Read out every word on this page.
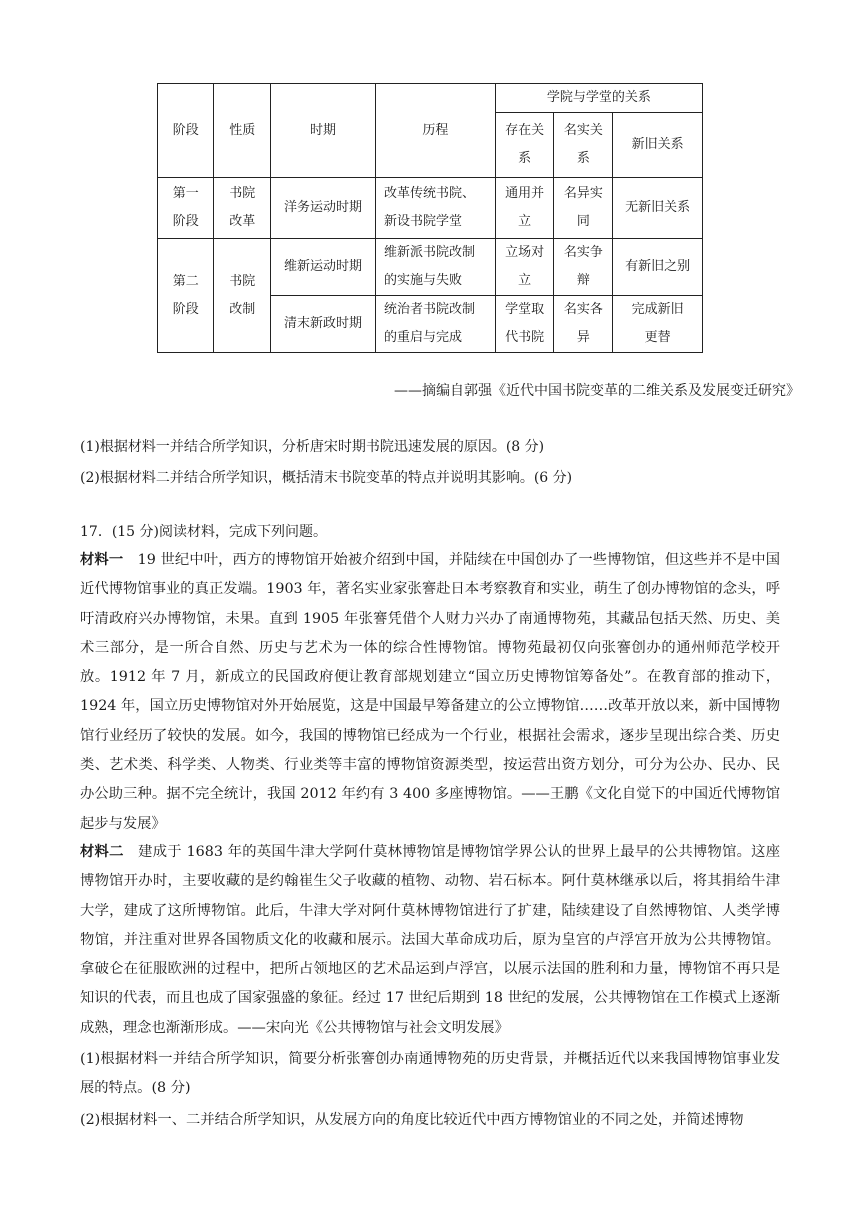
阶段	性质	时期	历程	学院与学堂的关系		
				存在关系	名实关系	新旧关系
第一阶段	书院改革	洋务运动时期	改革传统书院、新设书院学堂	通用并立	名异实同	无新旧关系
第二阶段	书院改制	维新运动时期	维新派书院改制的实施与失败	立场对立	名实争辩	有新旧之别
		清末新政时期	统治者书院改制的重启与完成	学堂取代书院	名实各异	完成新旧更替
——摘编自郭强《近代中国书院变革的二维关系及发展变迁研究》
(1)根据材料一并结合所学知识，分析唐宋时期书院迅速发展的原因。(8 分)
(2)根据材料二并结合所学知识，概括清末书院变革的特点并说明其影响。(6 分)
17．(15 分)阅读材料，完成下列问题。
材料一　19 世纪中叶，西方的博物馆开始被介绍到中国，并陆续在中国创办了一些博物馆，但这些并不是中国近代博物馆事业的真正发端。1903 年，著名实业家张謇赴日本考察教育和实业，萌生了创办博物馆的念头，呼吁清政府兴办博物馆，未果。直到 1905 年张謇凭借个人财力兴办了南通博物苑，其藏品包括天然、历史、美术三部分，是一所合自然、历史与艺术为一体的综合性博物馆。博物苑最初仅向张謇创办的通州师范学校开放。1912 年 7 月，新成立的民国政府便让教育部规划建立“国立历史博物馆筹备处”。在教育部的推动下，1924 年，国立历史博物馆对外开始展览，这是中国最早筹备建立的公立博物馆……改革开放以来，新中国博物馆行业经历了较快的发展。如今，我国的博物馆已经成为一个行业，根据社会需求，逐步呈现出综合类、历史类、艺术类、科学类、人物类、行业类等丰富的博物馆资源类型，按运营出资方划分，可分为公办、民办、民办公助三种。据不完全统计，我国 2012 年约有 3 400 多座博物馆。——王鹏《文化自觉下的中国近代博物馆起步与发展》
材料二　建成于 1683 年的英国牛津大学阿什莫林博物馆是博物馆学界公认的世界上最早的公共博物馆。这座博物馆开办时，主要收藏的是约翰崔生父子收藏的植物、动物、岩石标本。阿什莫林继承以后，将其捐给牛津大学，建成了这所博物馆。此后，牛津大学对阿什莫林博物馆进行了扩建，陆续建设了自然博物馆、人类学博物馆，并注重对世界各国物质文化的收藏和展示。法国大革命成功后，原为皇宫的卢浮宫开放为公共博物馆。拿破仑在征服欧洲的过程中，把所占领地区的艺术品运到卢浮宫，以展示法国的胜利和力量，博物馆不再只是知识的代表，而且也成了国家强盛的象征。经过 17 世纪后期到 18 世纪的发展，公共博物馆在工作模式上逐渐成熟，理念也渐渐形成。——宋向光《公共博物馆与社会文明发展》
(1)根据材料一并结合所学知识，简要分析张謇创办南通博物苑的历史背景，并概括近代以来我国博物馆事业发展的特点。(8 分)
(2)根据材料一、二并结合所学知识，从发展方向的角度比较近代中西方博物馆业的不同之处，并简述博物
